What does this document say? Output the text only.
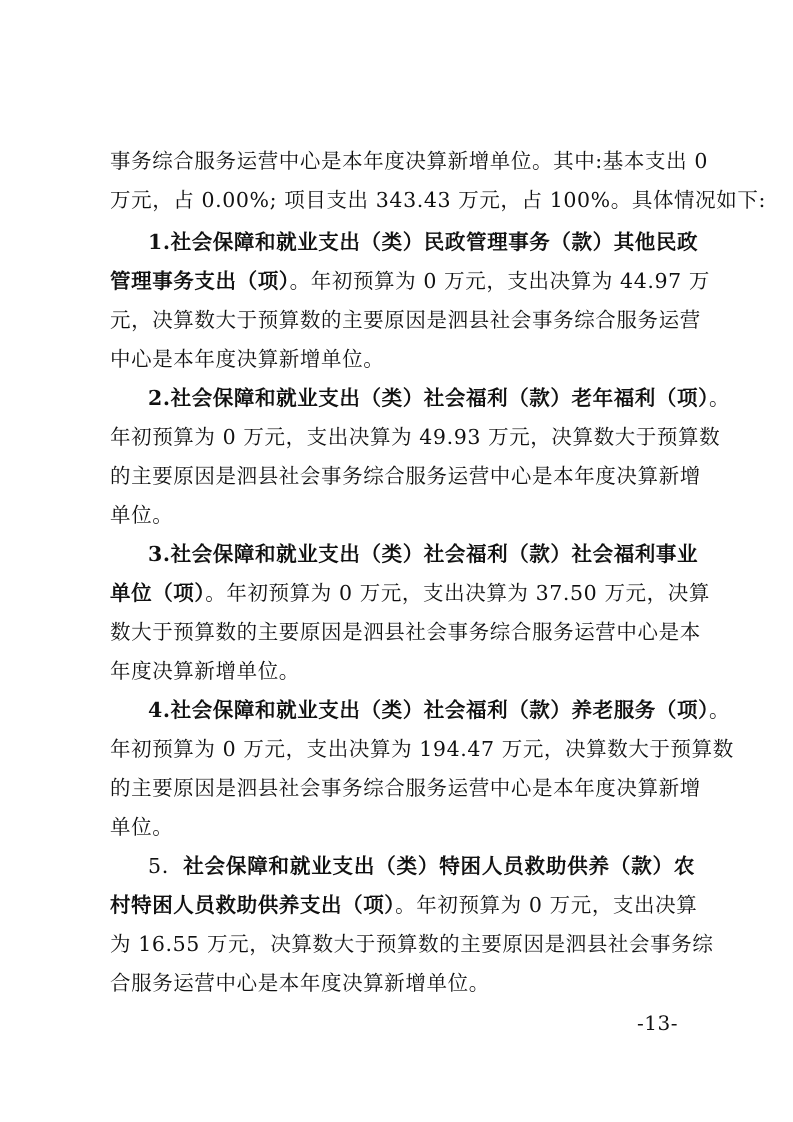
事务综合服务运营中心是本年度决算新增单位。其中:基本支出 0
万元，占 0.00%; 项目支出 343.43 万元，占 100%。具体情况如下:
1.社会保障和就业支出（类）民政管理事务（款）其他民政
管理事务支出（项）。年初预算为 0 万元，支出决算为 44.97 万
元，决算数大于预算数的主要原因是泗县社会事务综合服务运营
中心是本年度决算新增单位。
2.社会保障和就业支出（类）社会福利（款）老年福利（项）。
年初预算为 0 万元，支出决算为 49.93 万元，决算数大于预算数
的主要原因是泗县社会事务综合服务运营中心是本年度决算新增
单位。
3.社会保障和就业支出（类）社会福利（款）社会福利事业
单位（项）。年初预算为 0 万元，支出决算为 37.50 万元，决算
数大于预算数的主要原因是泗县社会事务综合服务运营中心是本
年度决算新增单位。
4.社会保障和就业支出（类）社会福利（款）养老服务（项）。
年初预算为 0 万元，支出决算为 194.47 万元，决算数大于预算数
的主要原因是泗县社会事务综合服务运营中心是本年度决算新增
单位。
5．社会保障和就业支出（类）特困人员救助供养（款）农
村特困人员救助供养支出（项）。年初预算为 0 万元，支出决算
为 16.55 万元，决算数大于预算数的主要原因是泗县社会事务综
合服务运营中心是本年度决算新增单位。
-13-
